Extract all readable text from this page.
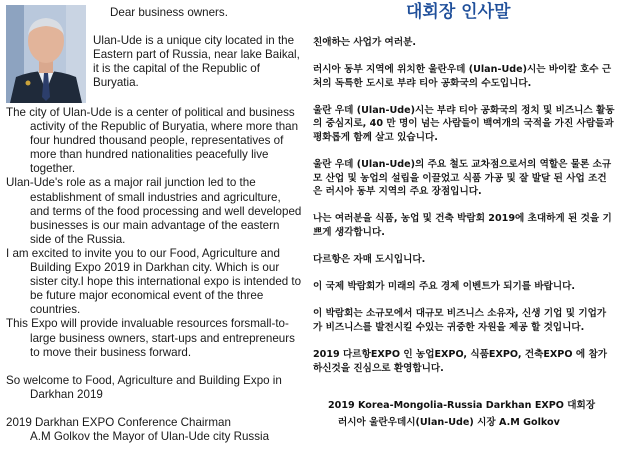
Dear business owners.

Ulan-Ude is a unique city located in the Eastern part of Russia, near lake Baikal, it is the capital of the Republic of Buryatia.

The city of Ulan-Ude is a center of political and business activity of the Republic of Buryatia, where more than four hundred thousand people, representatives of more than hundred nationalities peacefully live together.

Ulan-Ude's role as a major rail junction led to the establishment of small industries and agriculture, and terms of the food processing and well developed businesses is our main advantage of the eastern side of the Russia.

I am excited to invite you to our Food, Agriculture and Building Expo 2019 in Darkhan city. Which is our sister city.I hope this international expo is intended to be future major economical event of the three countries.

This Expo will provide invaluable resources forsmall-to-large business owners, start-ups and entrepreneurs to move their business forward.

So welcome to Food, Agriculture and Building Expo in Darkhan 2019

2019 Darkhan EXPO Conference Chairman
A.M Golkov the Mayor of Ulan-Ude city Russia

대회장 인사말

친애하는 사업가 여러분.

러시아 동부 지역에 위치한 울란우데 (Ulan-Ude)시는 바이칼 호수 근처의 독특한 도시로 부랴 티아 공화국의 수도입니다.

울란 우데 (Ulan-Ude)시는 부랴 티아 공화국의 정치 및 비즈니스 활동의 중심지로, 40 만 명이 넘는 사람들이 백여개의 국적을 가진 사람들과 평화롭게 함께 살고 있습니다.

울란 우데 (Ulan-Ude)의 주요 철도 교차점으로서의 역할은 물론 소규모 산업 및 농업의 설립을 이끌었고 식품 가공 및 잘 발달 된 사업 조건은 러시아 동부 지역의 주요 장점입니다.

나는 여러분을 식품, 농업 및 건축 박람회 2019에 초대하게 된 것을 기쁘게 생각합니다.

다르항은 자매 도시입니다.

이 국제 박람회가 미래의 주요 경제 이벤트가 되기를 바랍니다.

이 박람회는 소규모에서 대규모 비즈니스 소유자, 신생 기업 및 기업가가 비즈니스를 발전시킬 수있는 귀중한 자원을 제공 할 것입니다.

2019 다르항EXPO 인 농업EXPO, 식품EXPO, 건축EXPO 에 참가 하신것을 진심으로 환영합니다.

2019 Korea-Mongolia-Russia Darkhan EXPO 대회장
러시아 울란우데시(Ulan-Ude) 시장 A.M Golkov
